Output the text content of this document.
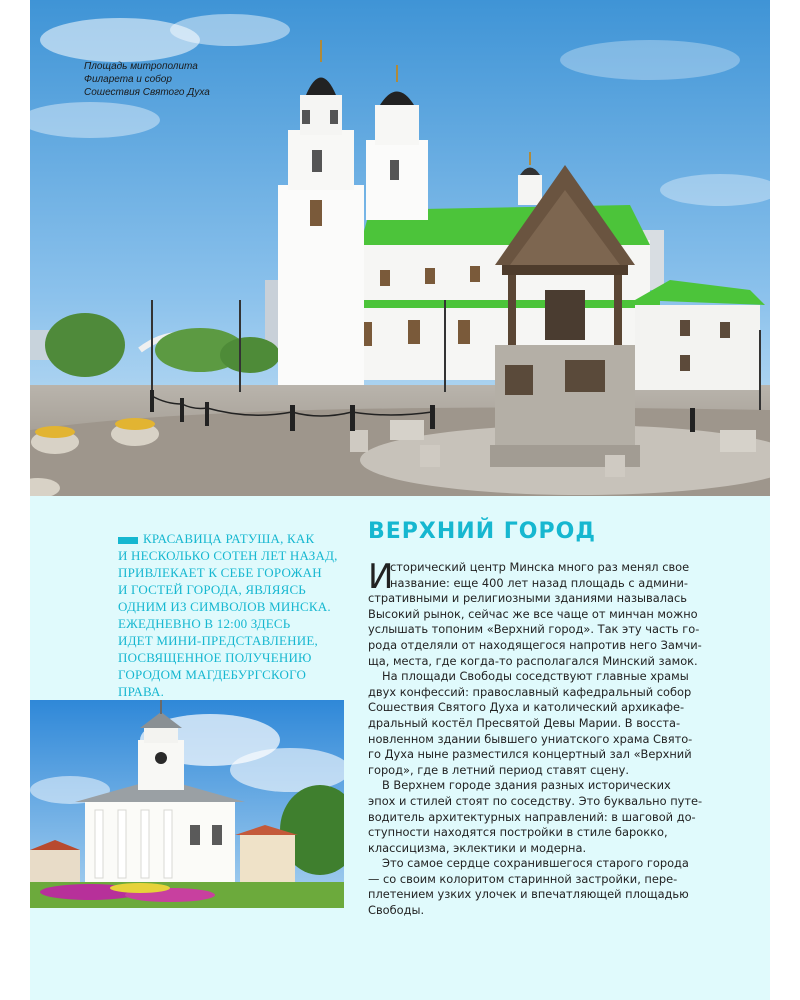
Площадь митрополита
Филарета и собор
Сошествия Святого Духа
КРАСАВИЦА РАТУША, КАК
И НЕСКОЛЬКО СОТЕН ЛЕТ НАЗАД,
ПРИВЛЕКАЕТ К СЕБЕ ГОРОЖАН
И ГОСТЕЙ ГОРОДА, ЯВЛЯЯСЬ
ОДНИМ ИЗ СИМВОЛОВ МИНСКА.
ЕЖЕДНЕВНО В 12:00 ЗДЕСЬ
ИДЕТ МИНИ-ПРЕДСТАВЛЕНИЕ,
ПОСВЯЩЕННОЕ ПОЛУЧЕНИЮ
ГОРОДОМ МАГДЕБУРГСКОГО
ПРАВА.
ВЕРХНИЙ ГОРОД
И
сторический центр Минска много раз менял свое
название: еще 400 лет назад площадь с админи-
стративными и религиозными зданиями называлась
Высокий рынок, сейчас же все чаще от минчан можно
услышать топоним «Верхний город». Так эту часть го-
рода отделяли от находящегося напротив него Замчи-
ща, места, где когда-то располагался Минский замок.
На площади Свободы соседствуют главные храмы
двух конфессий: православный кафедральный собор
Сошествия Святого Духа и католический архикафе-
дральный костёл Пресвятой Девы Марии. В восста-
новленном здании бывшего униатского храма Свято-
го Духа ныне разместился концертный зал «Верхний
город», где в летний период ставят сцену.
В Верхнем городе здания разных исторических
эпох и стилей стоят по соседству. Это буквально путе-
водитель архитектурных направлений: в шаговой до-
ступности находятся постройки в стиле барокко,
классицизма, эклектики и модерна.
Это самое сердце сохранившегося старого города
— со своим колоритом старинной застройки, пере-
плетением узких улочек и впечатляющей площадью
Свободы.
